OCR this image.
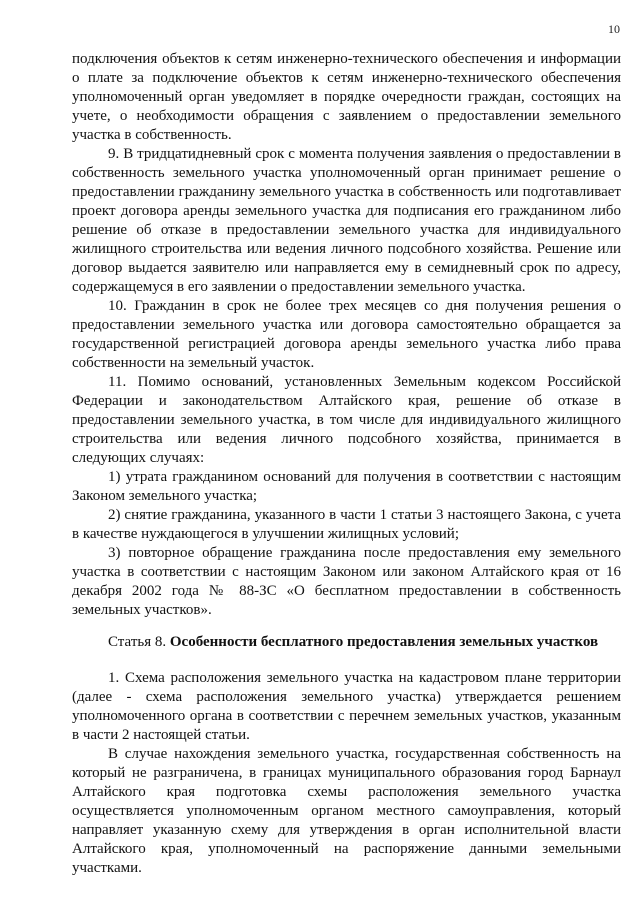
10

подключения объектов к сетям инженерно-технического обеспечения и информации о плате за подключение объектов к сетям инженерно-технического обеспечения уполномоченный орган уведомляет в порядке очередности граждан, состоящих на учете, о необходимости обращения с заявлением о предоставлении земельного участка в собственность.

9. В тридцатидневный срок с момента получения заявления о предоставлении в собственность земельного участка уполномоченный орган принимает решение о предоставлении гражданину земельного участка в собственность или подготавливает проект договора аренды земельного участка для подписания его гражданином либо решение об отказе в предоставлении земельного участка для индивидуального жилищного строительства или ведения личного подсобного хозяйства. Решение или договор выдается заявителю или направляется ему в семидневный срок по адресу, содержащемуся в его заявлении о предоставлении земельного участка.

10. Гражданин в срок не более трех месяцев со дня получения решения о предоставлении земельного участка или договора самостоятельно обращается за государственной регистрацией договора аренды земельного участка либо права собственности на земельный участок.

11. Помимо оснований, установленных Земельным кодексом Российской Федерации и законодательством Алтайского края, решение об отказе в предоставлении земельного участка, в том числе для индивидуального жилищного строительства или ведения личного подсобного хозяйства, принимается в следующих случаях:

1) утрата гражданином оснований для получения в соответствии с настоящим Законом земельного участка;

2) снятие гражданина, указанного в части 1 статьи 3 настоящего Закона, с учета в качестве нуждающегося в улучшении жилищных условий;

3) повторное обращение гражданина после предоставления ему земельного участка в соответствии с настоящим Законом или законом Алтайского края от 16 декабря 2002 года № 88-ЗС «О бесплатном предоставлении в собственность земельных участков».

Статья 8. Особенности бесплатного предоставления земельных участков

1. Схема расположения земельного участка на кадастровом плане территории (далее - схема расположения земельного участка) утверждается решением уполномоченного органа в соответствии с перечнем земельных участков, указанным в части 2 настоящей статьи.

В случае нахождения земельного участка, государственная собственность на который не разграничена, в границах муниципального образования город Барнаул Алтайского края подготовка схемы расположения земельного участка осуществляется уполномоченным органом местного самоуправления, который направляет указанную схему для утверждения в орган исполнительной власти Алтайского края, уполномоченный на распоряжение данными земельными участками.
